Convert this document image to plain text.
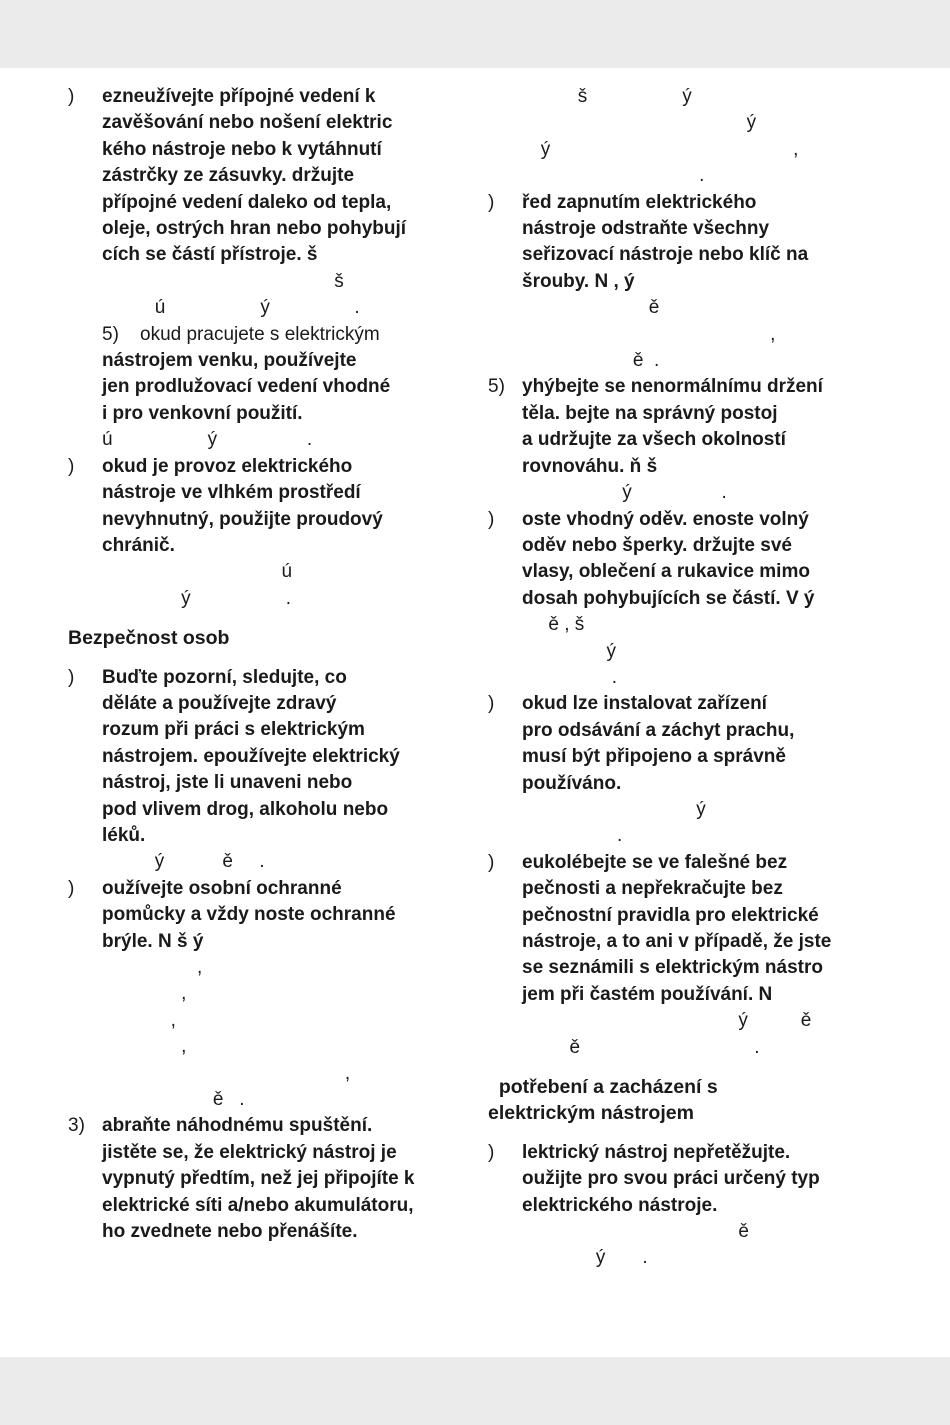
)	ezneužívejte přípojné vedení k
zavěšování nebo nošení elektric
kého nástroje nebo k vytáhnutí
zástrčky ze zásuvky. držujte
přípojné vedení daleko od tepla,
oleje, ostrých hran nebo pohybují
cích se částí přístroje. š
š
ú                  ý                .
5)    okud pracujete s elektrickým
nástrojem venku, používejte
jen prodlužovací vedení vhodné
i pro venkovní použití.
ú                  ý                 .
)	okud je provoz elektrického
nástroje ve vlhkém prostředí
nevyhnutný, použijte proudový
chránič.
ú
ý                  .
Bezpečnost osob
)	Buďte pozorní, sledujte, co
děláte a používejte zdravý
rozum při práci s elektrickým
nástrojem. epoužívejte elektrický
nástroj, jste li unaveni nebo
pod vlivem drog, alkoholu nebo
léků.
ý           ě     .
)	oužívejte osobní ochranné
pomůcky a vždy noste ochranné
brýle. N š ý
,
,
,
,
,
ě   .
3) abraňte náhodnému spuštění.
jistěte se, že elektrický nástroj je
vypnutý předtím, než jej připojíte k
elektrické síti a/nebo akumulátoru,
ho zvednete nebo přenášíte.
š                  ý
ý
ý                                              ,
.
)	řed zapnutím elektrického
nástroje odstraňte všechny
seřizovací nástroje nebo klíč na
šrouby. N , ý
ě
,
ě  .
5) yhýbejte se nenormálnímu držení
těla. bejte na správný postoj
a udržujte za všech okolností
rovnováhu. ň š
ý                 .
)	oste vhodný oděv. enoste volný
oděv nebo šperky. držujte své
vlasy, oblečení a rukavice mimo
dosah pohybujících se částí. V ý
ě , š
ý
.
)	okud lze instalovat zařízení
pro odsávání a záchyt prachu,
musí být připojeno a správně
používáno.
ý
.
)	eukolébejte se ve falešné bez
pečnosti a nepřekračujte bez
pečnostní pravidla pro elektrické
nástroje, a to ani v případě, že jste
se seznámili s elektrickým nástro
jem při častém používání. N
ý          ě
ě                                 .
potřebení a zacházení s
elektrickým nástrojem
)	lektrický nástroj nepřetěžujte.
oužijte pro svou práci určený typ
elektrického nástroje.
ě
ý       .
